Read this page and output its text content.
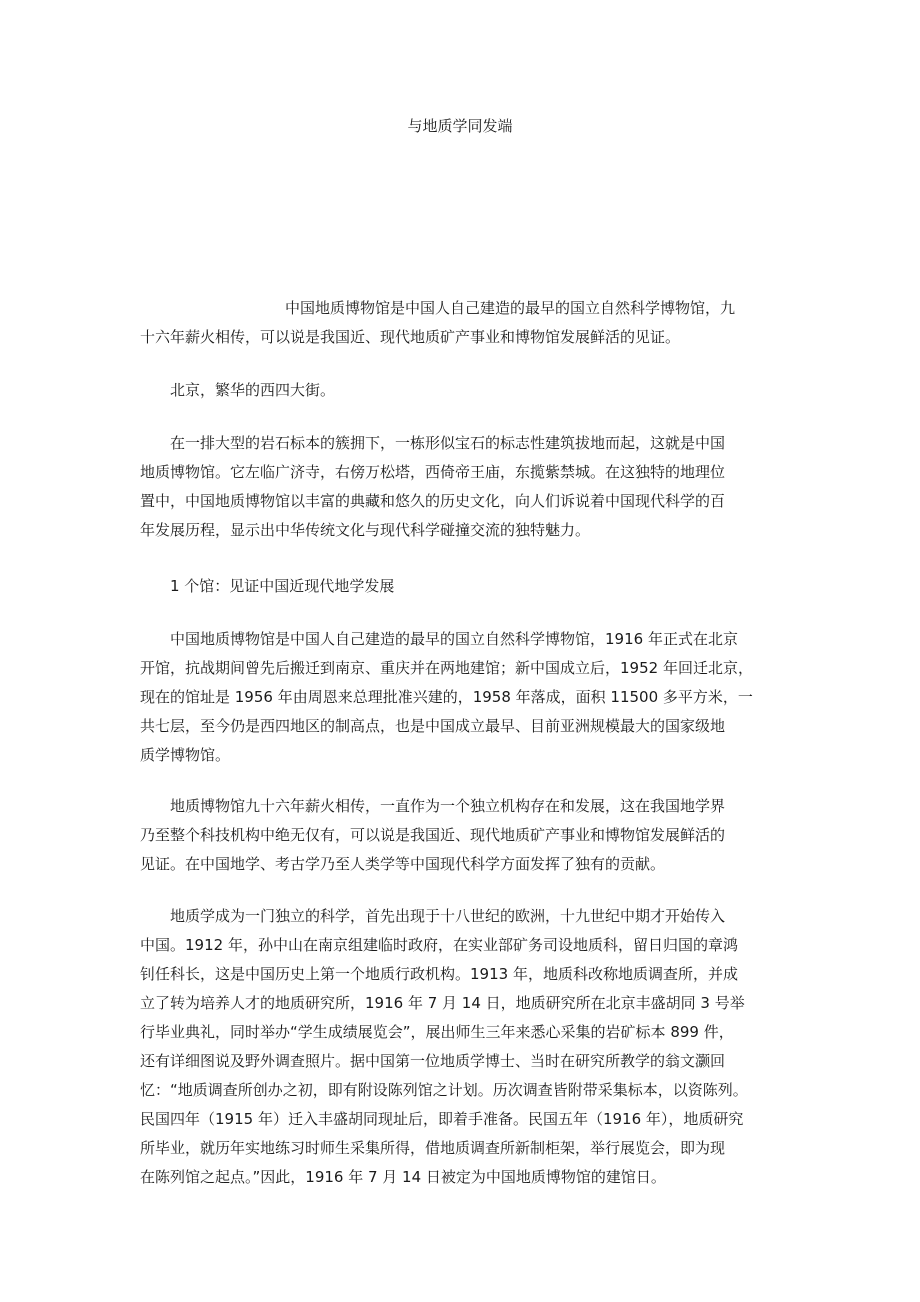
与地质学同发端

中国地质博物馆是中国人自己建造的最早的国立自然科学博物馆，九
十六年薪火相传，可以说是我国近、现代地质矿产事业和博物馆发展鲜活的见证。

北京，繁华的西四大街。

在一排大型的岩石标本的簇拥下，一栋形似宝石的标志性建筑拔地而起，这就是中国
地质博物馆。它左临广济寺，右傍万松塔，西倚帝王庙，东揽紫禁城。在这独特的地理位
置中，中国地质博物馆以丰富的典藏和悠久的历史文化，向人们诉说着中国现代科学的百
年发展历程，显示出中华传统文化与现代科学碰撞交流的独特魅力。

1 个馆：见证中国近现代地学发展

中国地质博物馆是中国人自己建造的最早的国立自然科学博物馆，1916 年正式在北京
开馆，抗战期间曾先后搬迁到南京、重庆并在两地建馆；新中国成立后，1952 年回迁北京，
现在的馆址是 1956 年由周恩来总理批准兴建的，1958 年落成，面积 11500 多平方米，一
共七层，至今仍是西四地区的制高点，也是中国成立最早、目前亚洲规模最大的国家级地
质学博物馆。

地质博物馆九十六年薪火相传，一直作为一个独立机构存在和发展，这在我国地学界
乃至整个科技机构中绝无仅有，可以说是我国近、现代地质矿产事业和博物馆发展鲜活的
见证。在中国地学、考古学乃至人类学等中国现代科学方面发挥了独有的贡献。

地质学成为一门独立的科学，首先出现于十八世纪的欧洲，十九世纪中期才开始传入
中国。1912 年，孙中山在南京组建临时政府，在实业部矿务司设地质科，留日归国的章鸿
钊任科长，这是中国历史上第一个地质行政机构。1913 年，地质科改称地质调查所，并成
立了转为培养人才的地质研究所，1916 年 7 月 14 日，地质研究所在北京丰盛胡同 3 号举
行毕业典礼，同时举办“学生成绩展览会”，展出师生三年来悉心采集的岩矿标本 899 件，
还有详细图说及野外调查照片。据中国第一位地质学博士、当时在研究所教学的翁文灏回
忆：“地质调查所创办之初，即有附设陈列馆之计划。历次调查皆附带采集标本，以资陈列。
民国四年（1915 年）迁入丰盛胡同现址后，即着手准备。民国五年（1916 年），地质研究
所毕业，就历年实地练习时师生采集所得，借地质调查所新制柜架，举行展览会，即为现
在陈列馆之起点。”因此，1916 年 7 月 14 日被定为中国地质博物馆的建馆日。
